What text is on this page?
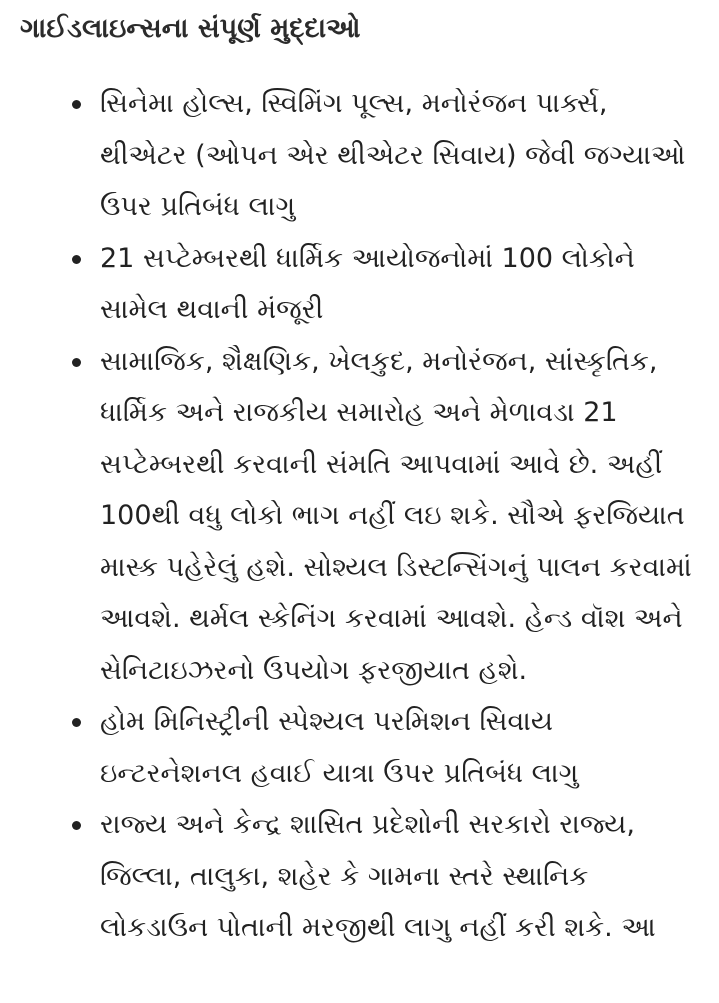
ગાઈડલાઇન્સના સંપૂર્ણ મુદ્દાઓ
સિનેમા હોલ્સ, સ્વિમિંગ પૂલ્સ, મનોરંજન પાર્ક્સ, થીએટર (ઓપન એર થીએટર સિવાય) જેવી જગ્યાઓ ઉપર પ્રતિબંધ લાગુ
21 સપ્ટેમ્બરથી ધાર્મિક આયોજનોમાં 100 લોકોને સામેલ થવાની મંજૂરી
સામાજિક, શૈક્ષણિક, ખેલકુદ, મનોરંજન, સાંસ્કૃતિક, ધાર્મિક અને રાજકીય સમારોહ અને મેળાવડા 21 સપ્ટેમ્બરથી કરવાની સંમતિ આપવામાં આવે છે. અહીં 100થી વધુ લોકો ભાગ નહીં લઇ શકે. સૌએ ફરજિયાત માસ્ક પહેરેલું હશે. સોશ્યલ ડિસ્ટન્સિંગનું પાલન કરવામાં આવશે. થર્મલ સ્કેનિંગ કરવામાં આવશે. હેન્ડ વૉશ અને સેનિટાઇઝરનો ઉપયોગ ફરજીયાત હશે.
હોમ મિનિસ્ટ્રીની સ્પેશ્યલ પરમિશન સિવાય ઇન્ટરનેશનલ હવાઈ યાત્રા ઉપર પ્રતિબંધ લાગુ
રાજ્ય અને કેન્દ્ર શાસિત પ્રદેશોની સરકારો રાજ્ય, જિલ્લા, તાલુકા, શહેર કે ગામના સ્તરે સ્થાનિક લોકડાઉન પોતાની મરજીથી લાગુ નહીં કરી શકે. આ
